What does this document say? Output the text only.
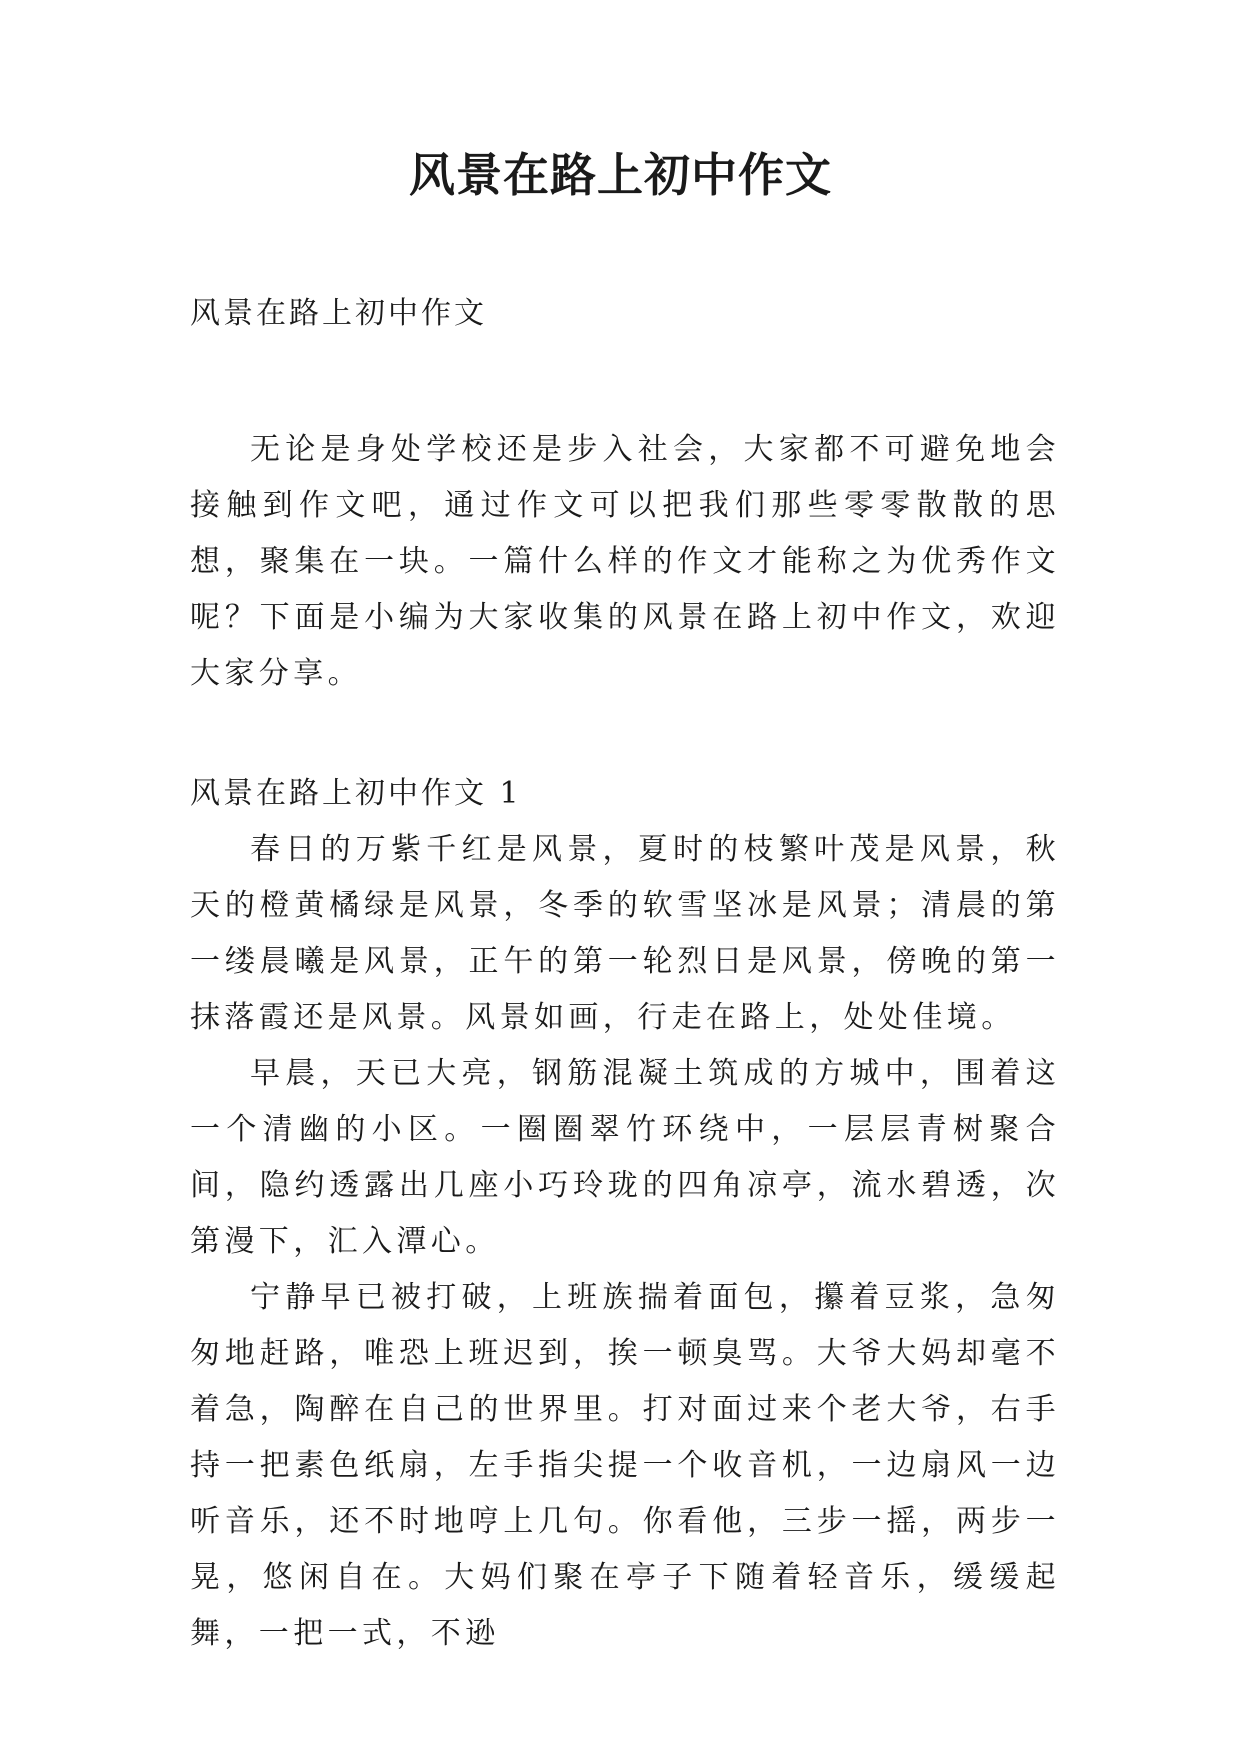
风景在路上初中作文

风景在路上初中作文

无论是身处学校还是步入社会，大家都不可避免地会接触到作文吧，通过作文可以把我们那些零零散散的思想，聚集在一块。一篇什么样的作文才能称之为优秀作文呢？下面是小编为大家收集的风景在路上初中作文，欢迎大家分享。

风景在路上初中作文 1

春日的万紫千红是风景，夏时的枝繁叶茂是风景，秋天的橙黄橘绿是风景，冬季的软雪坚冰是风景；清晨的第一缕晨曦是风景，正午的第一轮烈日是风景，傍晚的第一抹落霞还是风景。风景如画，行走在路上，处处佳境。

早晨，天已大亮，钢筋混凝土筑成的方城中，围着这一个清幽的小区。一圈圈翠竹环绕中，一层层青树聚合间，隐约透露出几座小巧玲珑的四角凉亭，流水碧透，次第漫下，汇入潭心。

宁静早已被打破，上班族揣着面包，攥着豆浆，急匆匆地赶路，唯恐上班迟到，挨一顿臭骂。大爷大妈却毫不着急，陶醉在自己的世界里。打对面过来个老大爷，右手持一把素色纸扇，左手指尖提一个收音机，一边扇风一边听音乐，还不时地哼上几句。你看他，三步一摇，两步一晃，悠闲自在。大妈们聚在亭子下随着轻音乐，缓缓起舞，一把一式，不逊
